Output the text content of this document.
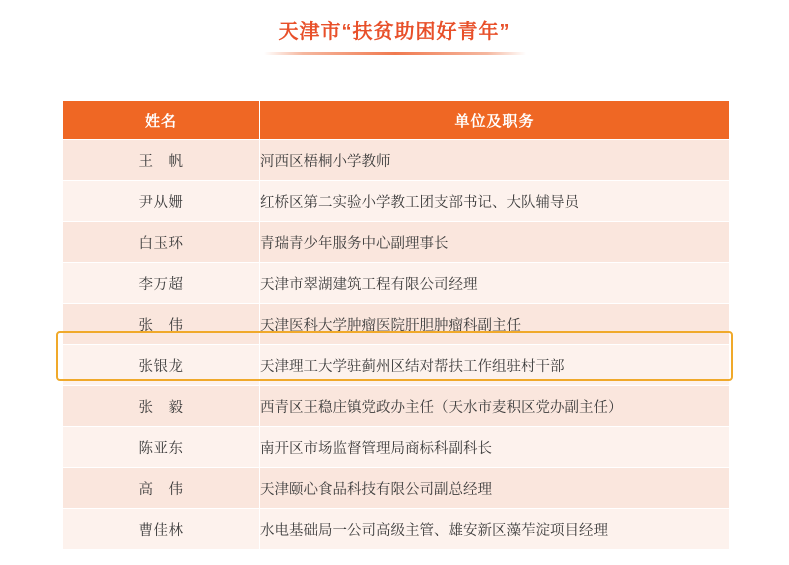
天津市“扶贫助困好青年”
姓名	单位及职务
王　帆	河西区梧桐小学教师
尹从姗	红桥区第二实验小学教工团支部书记、大队辅导员
白玉环	青瑞青少年服务中心副理事长
李万超	天津市翠湖建筑工程有限公司经理
张　伟	天津医科大学肿瘤医院肝胆肿瘤科副主任
张银龙	天津理工大学驻蓟州区结对帮扶工作组驻村干部
张　毅	西青区王稳庄镇党政办主任（天水市麦积区党办副主任）
陈亚东	南开区市场监督管理局商标科副科长
高　伟	天津颐心食品科技有限公司副总经理
曹佳林	水电基础局一公司高级主管、雄安新区藻苲淀项目经理
